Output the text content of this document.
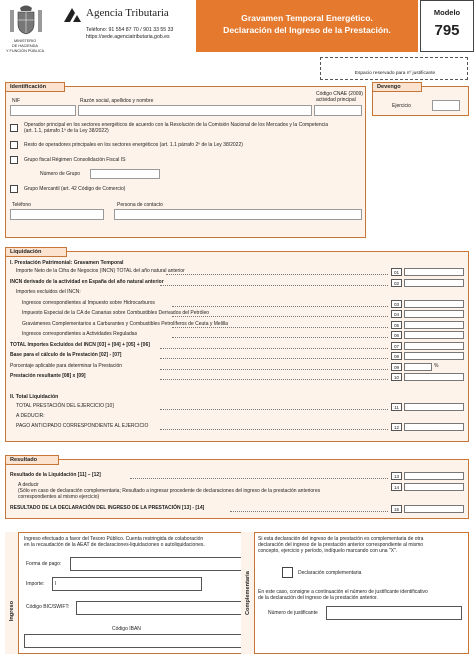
MINISTERIO
DE HACIENDA
Y FUNCIÓN PÚBLICA
Agencia Tributaria
Teléfono: 91 554 87 70 / 901 33 55 33
https://sede.agenciatributaria.gob.es
Gravamen Temporal Energético.
Declaración del Ingreso de la Prestación.
Modelo
795
Espacio reservado para nº justificante
Identificación
NIF	Razón social, apellidos y nombre
Código CNAE (2009)
actividad principal
Operador principal en los sectores energéticos de acuerdo con la Resolución de la Comisión Nacional de los Mercados y la Competencia
(art. 1.1, párrafo 1º de la Ley 38/2022)
Resto de operadores principales en los sectores energéticos (art. 1.1 párrafo 2º de la Ley 38/2022)
Grupo fiscal Régimen Consolidación Fiscal IS
Número de Grupo
Grupo Mercantil (art. 42 Código de Comercio)
Teléfono	Persona de contacto
Devengo
Ejercicio
Liquidación
I. Prestación Patrimonial: Gravamen Temporal
Importe Neto de la Cifra de Negocios (INCN) TOTAL del año natural anterior	01
INCN derivado de la actividad en España del año natural anterior	02
Importes excluidos del INCN:
Ingresos correspondientes al Impuesto sobre Hidrocarburos	03
Impuesto Especial de la CA de Canarias sobre Combustibles Derivados del Petróleo	04
Gravámenes Complementarios a Carburantes y Combustibles Petrolíferos de Ceuta y Melilla	05
Ingresos correspondientes a Actividades Reguladas	06
TOTAL Importes Excluidos del INCN [03] + [04] + [05] + [06]	07
Base para el cálculo de la Prestación [02] - [07]	08
Porcentaje aplicable para determinar la Prestación	09	%
Prestación resultante [08] x [09]	10
II. Total Liquidación
TOTAL PRESTACIÓN DEL EJERCICIO [10]	11
A DEDUCIR:
PAGO ANTICIPADO CORRESPONDIENTE AL EJERCICIO	12
Resultado
Resultado de la Liquidación [11] – [12]	13
A deducir
(Sólo en caso de declaración complementaria; Resultado a ingresar procedente de declaraciones del ingreso de la prestación anteriores
correspondientes al mismo ejercicio)
14
RESULTADO DE LA DECLARACIÓN DEL INGRESO DE LA PRESTACIÓN [13] - [14]	15
Ingreso
Ingreso efectuado a favor del Tesoro Público. Cuenta restringida de colaboración
en la recaudación de la AEAT de declaraciones-liquidaciones o autoliquidaciones.
Forma de pago:
Importe: I
Código BIC/SWIFT:
Código IBAN
Complementaria
Si esta declaración del ingreso de la prestación es complementaria de otra
declaración del ingreso de la prestación anterior correspondiente al mismo
concepto, ejercicio y período, indíquelo marcando con una "X".
Declaración complementaria
En este caso, consigne a continuación el número de justificante identificativo
de la declaración del ingreso de la prestación anterior.
Número de justificante
